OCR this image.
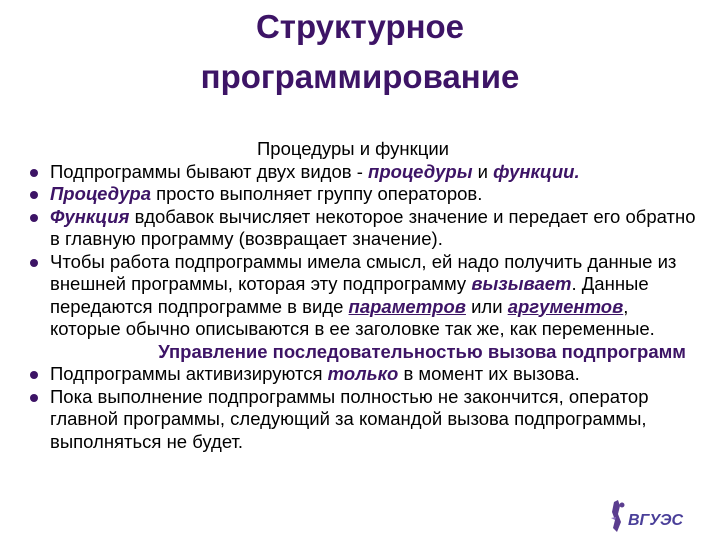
Структурное
программирование
Процедуры и функции
Подпрограммы бывают двух видов - процедуры и функции.
Процедура просто выполняет группу операторов.
Функция вдобавок вычисляет некоторое значение и передает его обратно в главную программу (возвращает значение).
Чтобы работа подпрограммы имела смысл, ей надо получить данные из внешней программы, которая эту подпрограмму вызывает. Данные передаются подпрограмме в виде параметров или аргументов, которые обычно описываются в ее заголовке так же, как переменные.
Управление последовательностью вызова подпрограмм
Подпрограммы активизируются только в момент их вызова.
Пока выполнение подпрограммы полностью не закончится, оператор главной программы, следующий за командой вызова подпрограммы, выполняться не будет.
ВГУЭС
